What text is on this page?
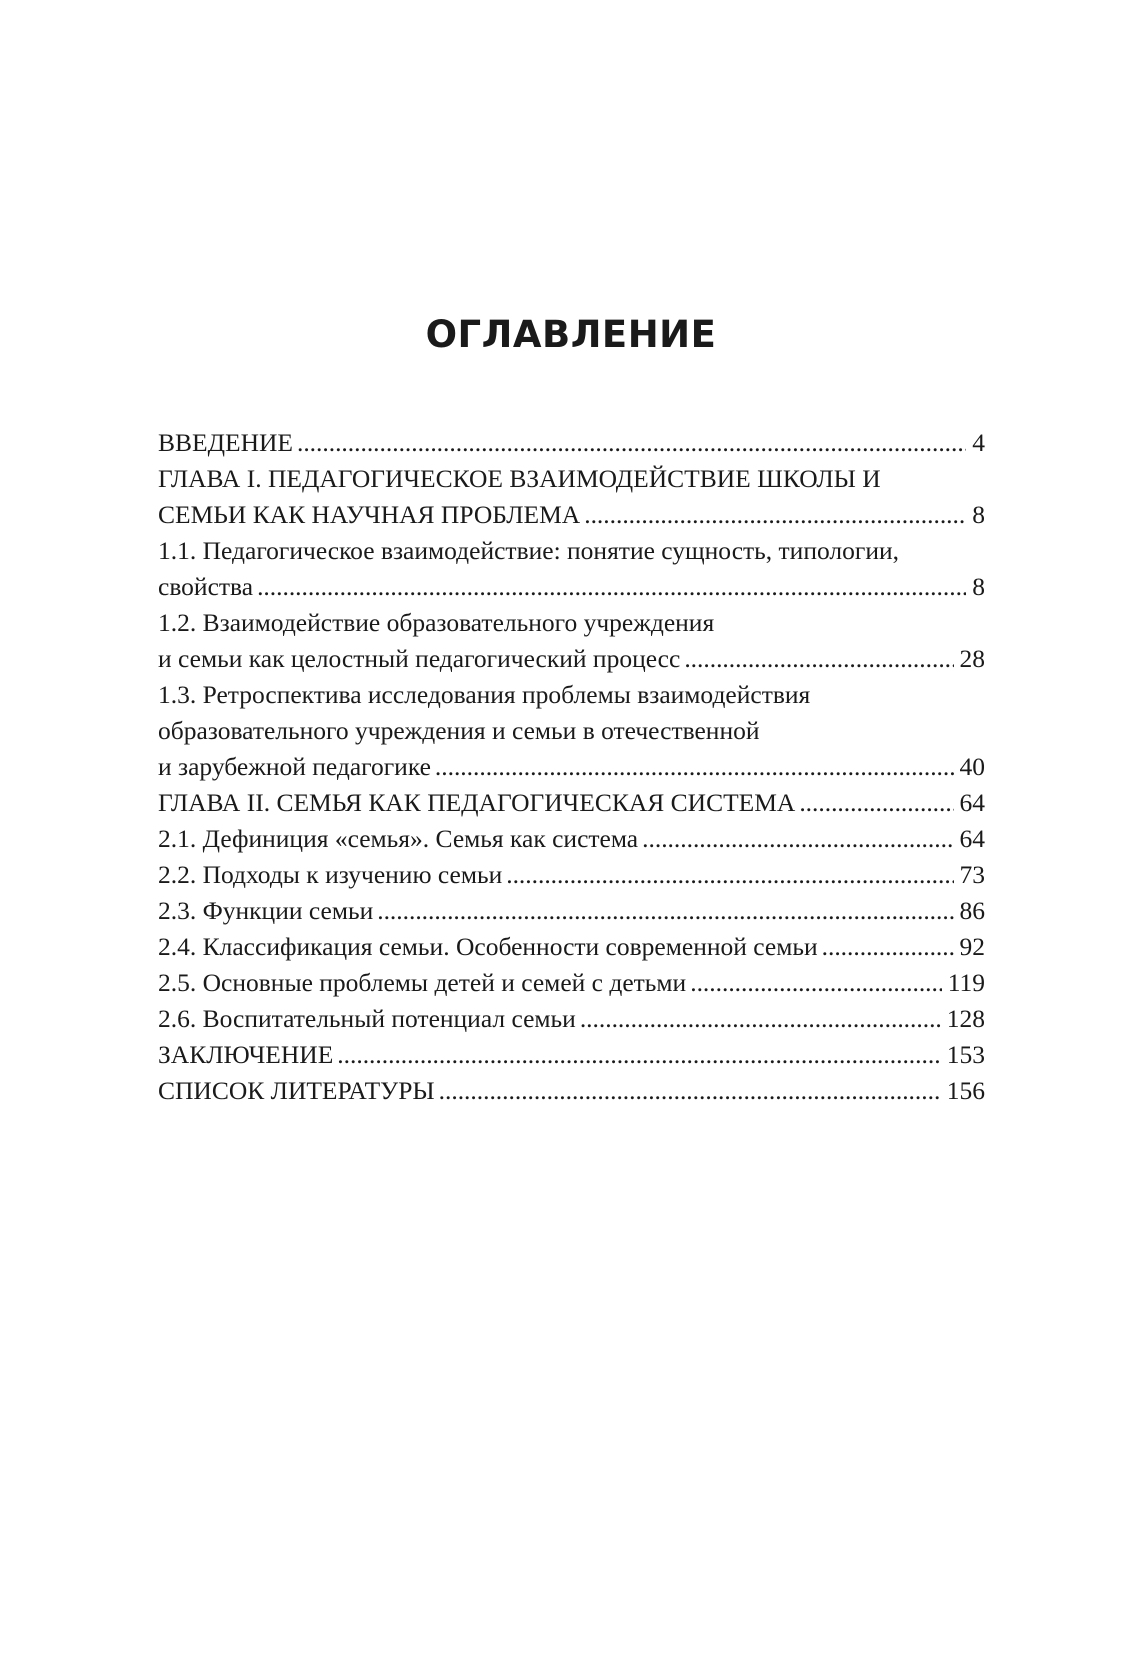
ОГЛАВЛЕНИЕ
ВВЕДЕНИЕ . . .	4
ГЛАВА I. ПЕДАГОГИЧЕСКОЕ ВЗАИМОДЕЙСТВИЕ ШКОЛЫ И
СЕМЬИ КАК НАУЧНАЯ ПРОБЛЕМА . . .	8
1.1. Педагогическое взаимодействие: понятие сущность, типологии,
свойства . . .	8
1.2. Взаимодействие образовательного учреждения
и семьи как целостный педагогический процесс . . .	28
1.3. Ретроспектива исследования проблемы взаимодействия
образовательного учреждения и семьи в отечественной
и зарубежной педагогике . . .	40
ГЛАВА II. СЕМЬЯ КАК ПЕДАГОГИЧЕСКАЯ СИСТЕМА . . .	64
2.1. Дефиниция «семья». Семья как система . . .	64
2.2. Подходы к изучению семьи . . .	73
2.3. Функции семьи . . .	86
2.4. Классификация семьи. Особенности современной семьи . . .	92
2.5. Основные проблемы детей и семей с детьми . . .	119
2.6. Воспитательный потенциал семьи . . .	128
ЗАКЛЮЧЕНИЕ . . .	153
СПИСОК ЛИТЕРАТУРЫ . . .	156
